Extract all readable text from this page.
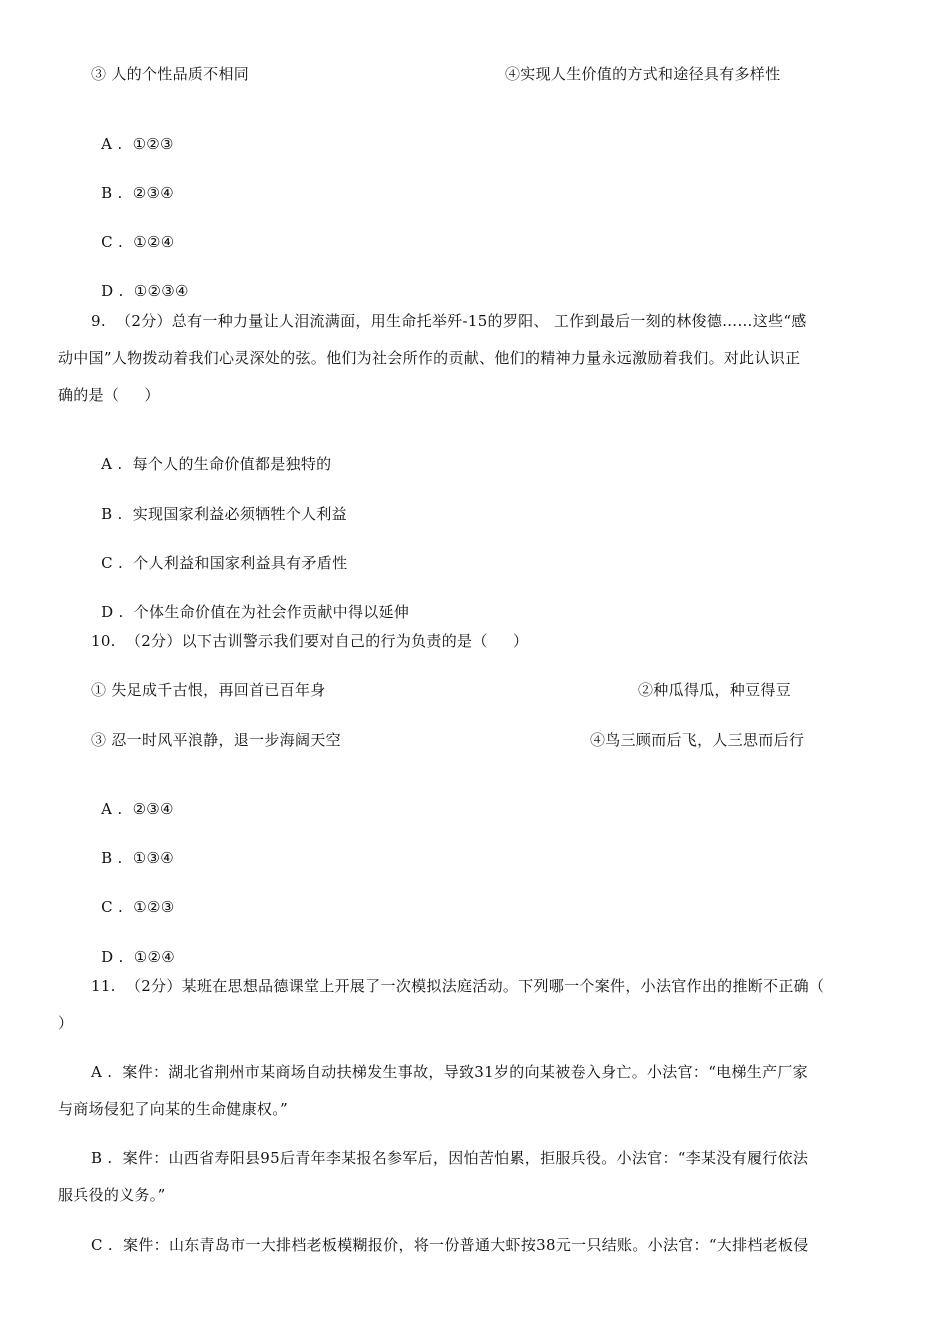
③ 人的个性品质不相同	④实现人生价值的方式和途径具有多样性

A . ①②③

B . ②③④

C . ①②④

D . ①②③④

9.  （2分）总有一种力量让人泪流满面，用生命托举歼-15的罗阳、 工作到最后一刻的林俊德……这些“感
动中国”人物拨动着我们心灵深处的弦。他们为社会所作的贡献、他们的精神力量永远激励着我们。对此认识正
确的是（     ）

A . 每个人的生命价值都是独特的

B . 实现国家利益必须牺牲个人利益

C . 个人利益和国家利益具有矛盾性

D . 个体生命价值在为社会作贡献中得以延伸

10.  （2分）以下古训警示我们要对自己的行为负责的是（     ）
① 失足成千古恨，再回首已百年身	②种瓜得瓜，种豆得豆
③ 忍一时风平浪静，退一步海阔天空	④鸟三顾而后飞，人三思而后行

A . ②③④

B . ①③④

C . ①②③

D . ①②④

11.  （2分）某班在思想品德课堂上开展了一次模拟法庭活动。下列哪一个案件，小法官作出的推断不正确（
）
A .  案件：湖北省荆州市某商场自动扶梯发生事故，导致31岁的向某被卷入身亡。小法官：“电梯生产厂家
与商场侵犯了向某的生命健康权。”
B .  案件：山西省寿阳县95后青年李某报名参军后，因怕苦怕累，拒服兵役。小法官：“李某没有履行依法
服兵役的义务。”
C .  案件：山东青岛市一大排档老板模糊报价，将一份普通大虾按38元一只结账。小法官：“大排档老板侵
